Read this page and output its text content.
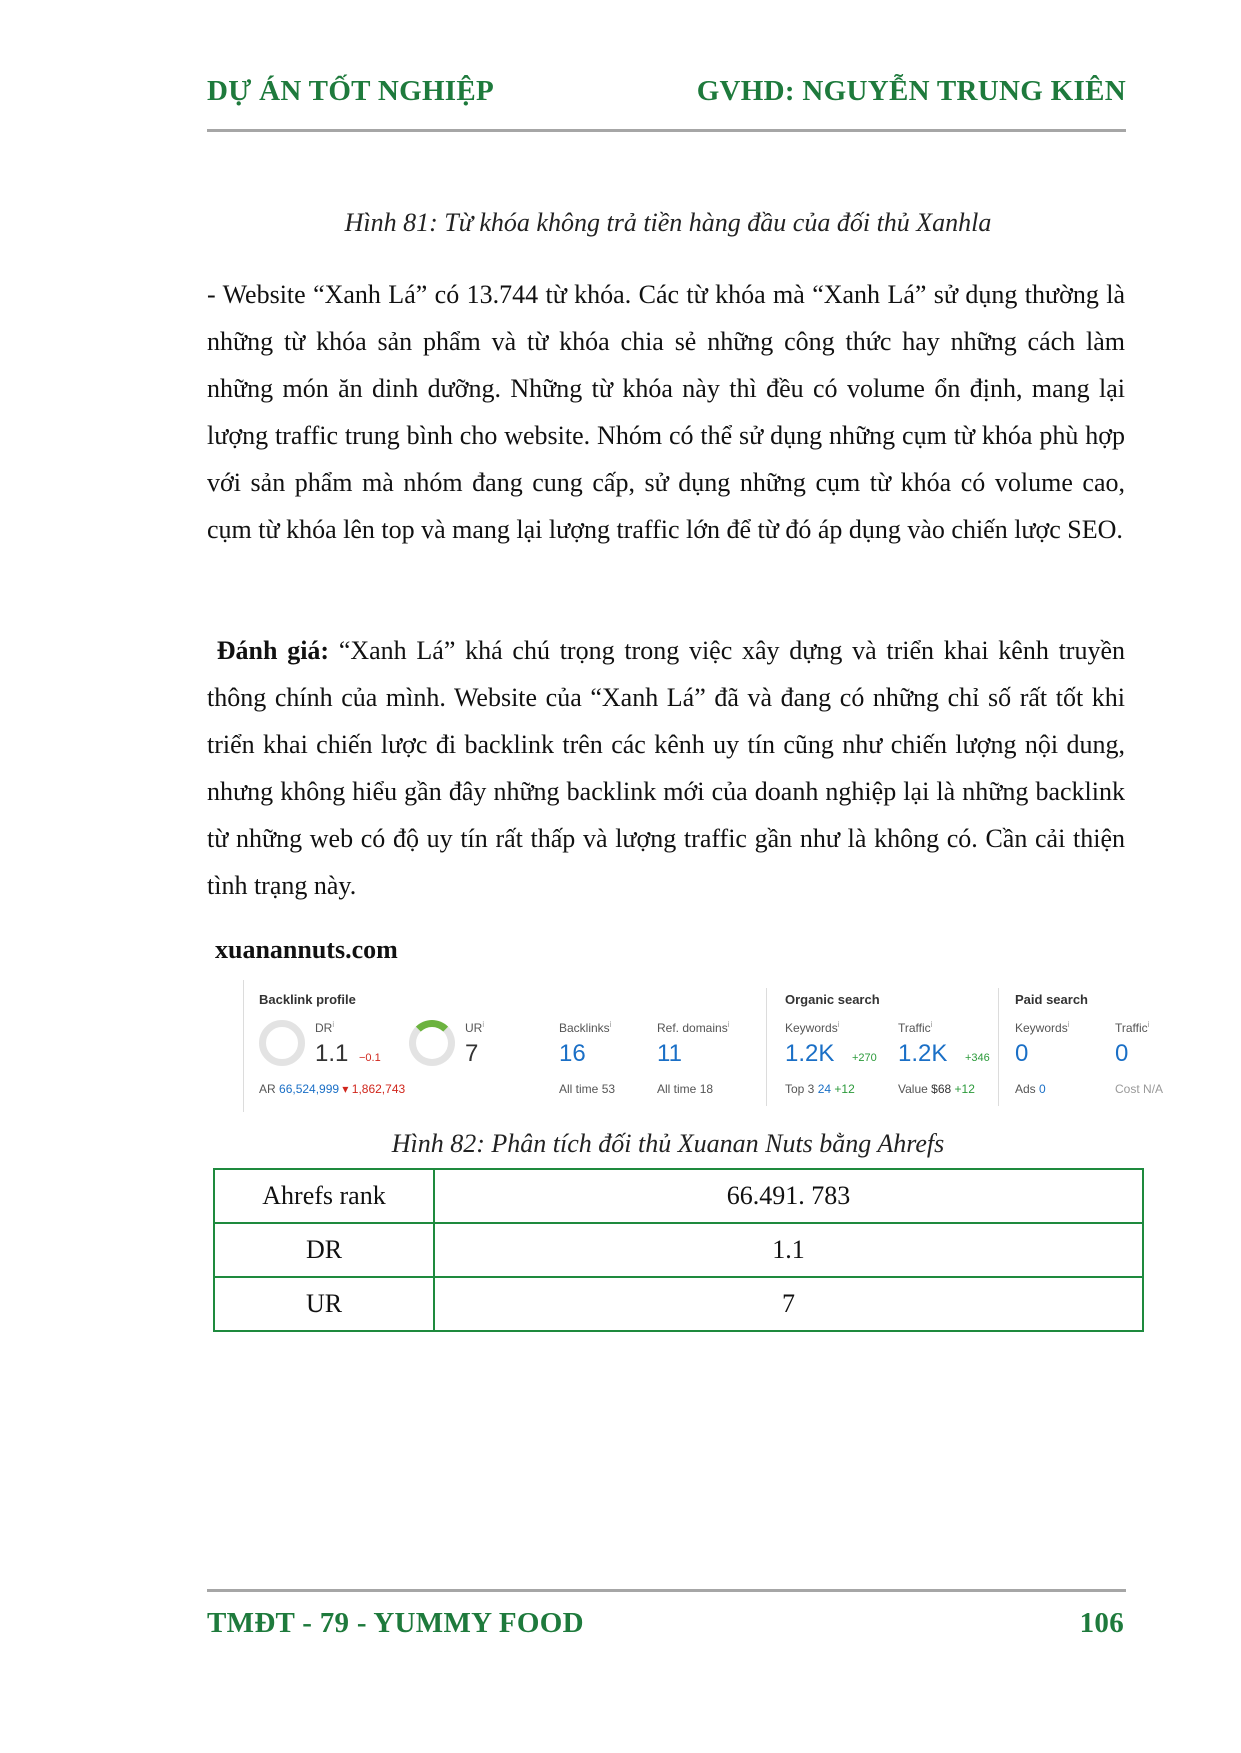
DỰ ÁN TỐT NGHIỆP	GVHD: NGUYỄN TRUNG KIÊN
Hình 81: Từ khóa không trả tiền hàng đầu của đối thủ Xanhla
- Website “Xanh Lá” có 13.744 từ khóa. Các từ khóa mà “Xanh Lá” sử dụng thường là những từ khóa sản phẩm và từ khóa chia sẻ những công thức hay những cách làm những món ăn dinh dưỡng. Những từ khóa này thì đều có volume ổn định, mang lại lượng traffic trung bình cho website. Nhóm có thể sử dụng những cụm từ khóa phù hợp với sản phẩm mà nhóm đang cung cấp, sử dụng những cụm từ khóa có volume cao, cụm từ khóa lên top và mang lại lượng traffic lớn để từ đó áp dụng vào chiến lược SEO.
Đánh giá: “Xanh Lá” khá chú trọng trong việc xây dựng và triển khai kênh truyền thông chính của mình. Website của “Xanh Lá” đã và đang có những chỉ số rất tốt khi triển khai chiến lược đi backlink trên các kênh uy tín cũng như chiến lượng nội dung, nhưng không hiểu gần đây những backlink mới của doanh nghiệp lại là những backlink từ những web có độ uy tín rất thấp và lượng traffic gần như là không có. Cần cải thiện tình trạng này.
xuanannuts.com
Backlink profile
$DR^i$
1.1 −0.1
AR 66,524,999 ▾ 1,862,743
$UR^i$
7
Backlinks$^i$
16
All time 53
Ref. domains$^i$
11
All time 18
Organic search
Keywords$^i$
1.2K +270
Top 3 24 +12
Traffic$^i$
1.2K +346
Value $68 +12
Paid search
Keywords$^i$
0
Ads 0
Traffic$^i$
0
Cost N/A
Hình 82: Phân tích đối thủ Xuanan Nuts bằng Ahrefs
Ahrefs rank	66.491. 783
DR	1.1
UR	7
TMĐT - 79 - YUMMY FOOD	106
